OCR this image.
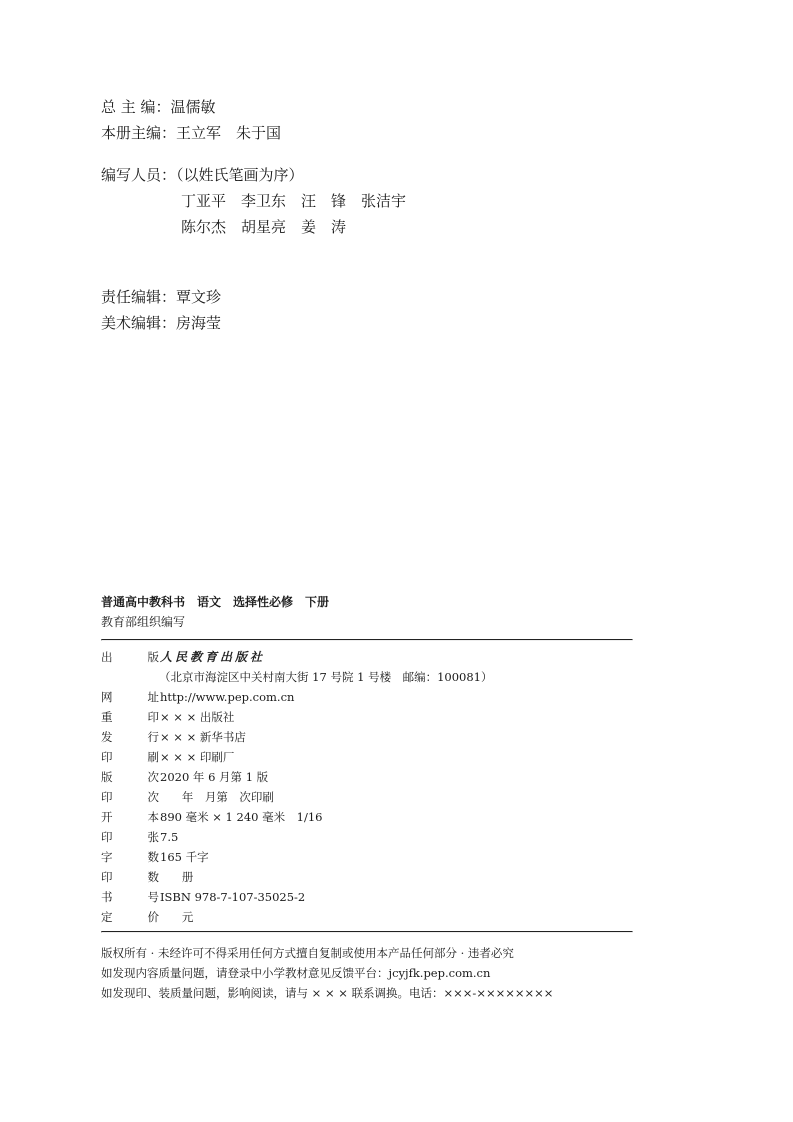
总 主 编：温儒敏
本册主编：王立军　朱于国
编写人员：（以姓氏笔画为序）
丁亚平　李卫东　汪　锋　张洁宇
陈尔杰　胡星亮　姜　涛
责任编辑：覃文珍
美术编辑：房海莹
普通高中教科书　语文　选择性必修　下册
教育部组织编写
出	版 人民教育出版社
（北京市海淀区中关村南大街 17 号院 1 号楼　邮编：100081）
网	址 http://www.pep.com.cn
重	印 × × × 出版社
发	行 × × × 新华书店
印	刷 × × × 印刷厂
版	次 2020 年 6 月第 1 版
印	次 年　月第　次印刷
开	本 890 毫米 × 1 240 毫米　1/16
印	张 7.5
字	数 165 千字
印	数 册
书	号 ISBN 978-7-107-35025-2
定	价 元
版权所有 · 未经许可不得采用任何方式擅自复制或使用本产品任何部分 · 违者必究
如发现内容质量问题，请登录中小学教材意见反馈平台：jcyjfk.pep.com.cn
如发现印、装质量问题，影响阅读，请与 × × × 联系调换。电话：×××-××××××××
